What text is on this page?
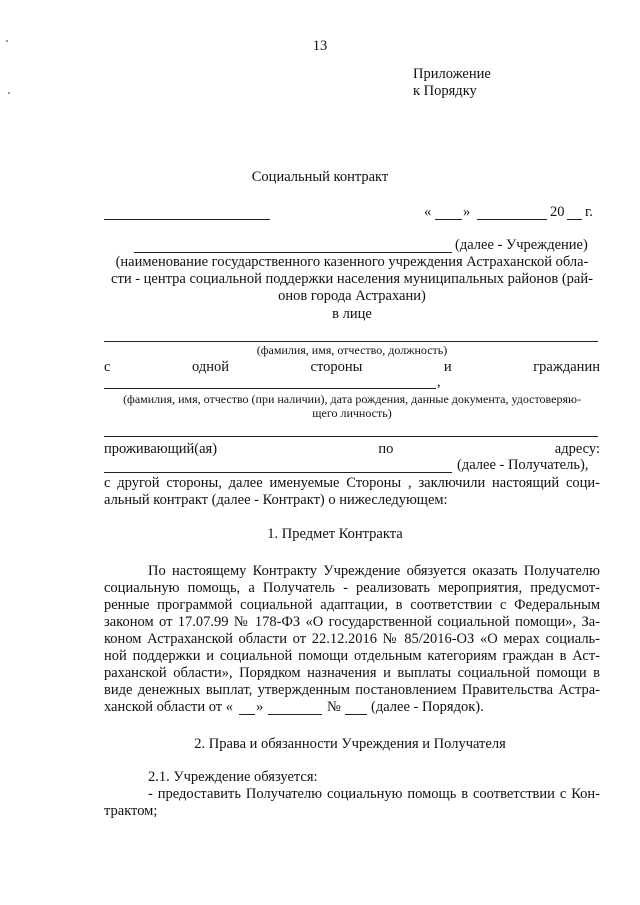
13
Приложение
к Порядку
Социальный контракт
« »	20 г.
(далее - Учреждение)
(наименование государственного казенного учреждения Астраханской обла-
сти - центра социальной поддержки населения муниципальных районов (рай-
онов города Астрахани)
в лице
(фамилия, имя, отчество, должность)
с	одной	стороны	и	гражданин
,
(фамилия, имя, отчество (при наличии), дата рождения, данные документа, удостоверяю-
щего личность)
проживающий(ая)	по	адресу:
(далее - Получатель),
с другой стороны, далее именуемые Стороны , заключили настоящий соци-
альный контракт (далее - Контракт) о нижеследующем:
1. Предмет Контракта
По настоящему Контракту Учреждение обязуется оказать Получателю
социальную помощь, а Получатель - реализовать мероприятия, предусмот-
ренные программой социальной адаптации, в соответствии с Федеральным
законом от 17.07.99 № 178-ФЗ «О государственной социальной помощи», За-
коном Астраханской области от 22.12.2016 № 85/2016-ОЗ «О мерах социаль-
ной поддержки и социальной помощи отдельным категориям граждан в Аст-
раханской области», Порядком назначения и выплаты социальной помощи в
виде денежных выплат, утвержденным постановлением Правительства Астра-
ханской области от « »	№ (далее - Порядок).
2. Права и обязанности Учреждения и Получателя
2.1. Учреждение обязуется:
- предоставить Получателю социальную помощь в соответствии с Кон-
трактом;
